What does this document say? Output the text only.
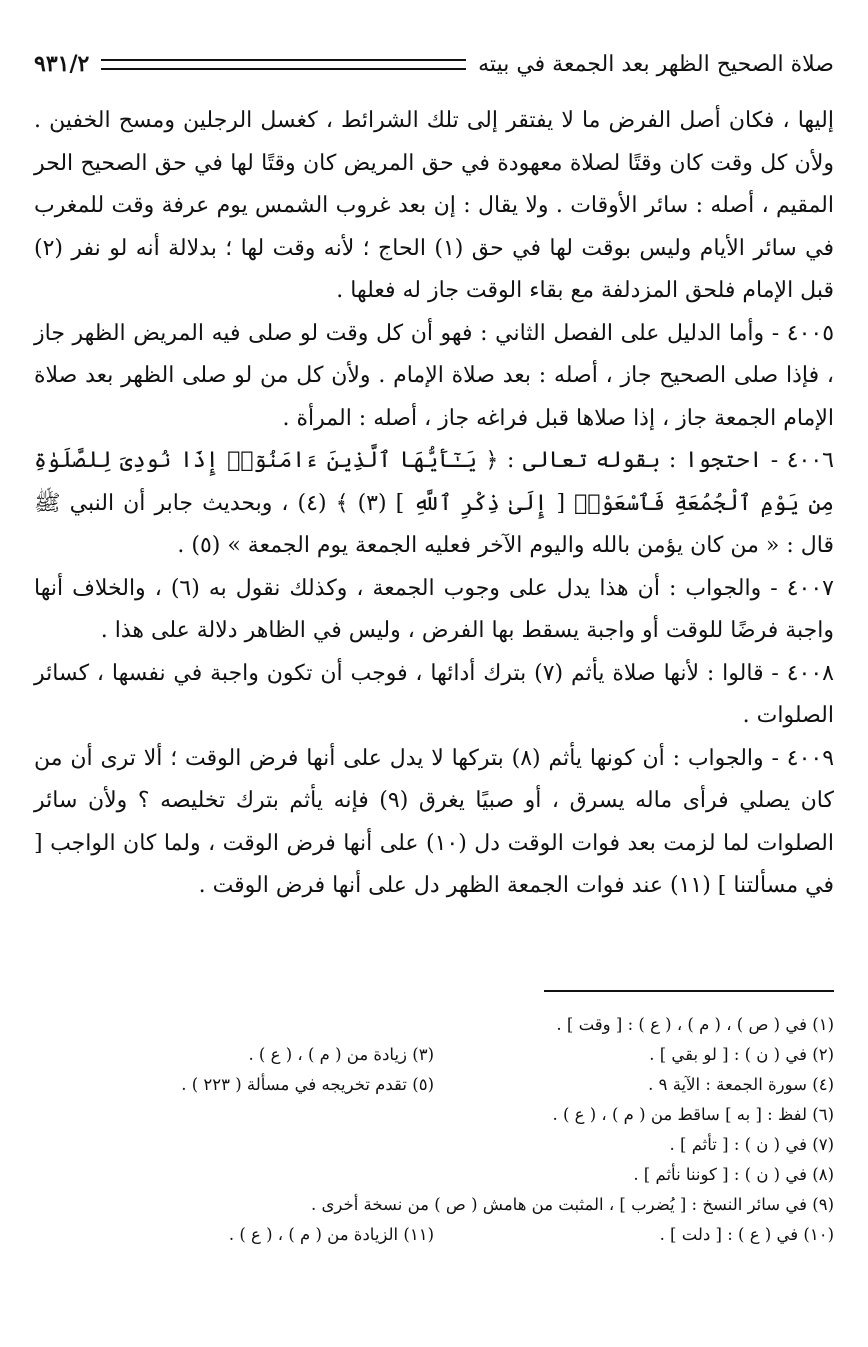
صلاة الصحيح الظهر بعد الجمعة في بيته
٩٣١/٢

إليها ، فكان أصل الفرض ما لا يفتقر إلى تلك الشرائط ، كغسل الرجلين ومسح الخفين . ولأن كل وقت كان وقتًا لصلاة معهودة في حق المريض كان وقتًا لها في حق الصحيح الحر المقيم ، أصله : سائر الأوقات . ولا يقال : إن بعد غروب الشمس يوم عرفة وقت للمغرب في سائر الأيام وليس بوقت لها في حق (١) الحاج ؛ لأنه وقت لها ؛ بدلالة أنه لو نفر (٢) قبل الإمام فلحق المزدلفة مع بقاء الوقت جاز له فعلها .

٤٠٠٥ - وأما الدليل على الفصل الثاني : فهو أن كل وقت لو صلى فيه المريض الظهر جاز ، فإذا صلى الصحيح جاز ، أصله : بعد صلاة الإمام . ولأن كل من لو صلى الظهر بعد صلاة الإمام الجمعة جاز ، إذا صلاها قبل فراغه جاز ، أصله : المرأة .

٤٠٠٦ - احتجوا : بقوله تعالى : ﴿ يَـٰٓأَيُّهَا ٱلَّذِينَ ءَامَنُوٓا۟ إِذَا نُودِىَ لِلصَّلَوٰةِ مِن يَوْمِ ٱلْجُمُعَةِ فَٱسْعَوْا۟ [ إِلَىٰ ذِكْرِ ٱللَّهِ ] (٣) ﴾ (٤) ، وبحديث جابر أن النبي ﷺ قال : « من كان يؤمن بالله واليوم الآخر فعليه الجمعة يوم الجمعة » (٥) .

٤٠٠٧ - والجواب : أن هذا يدل على وجوب الجمعة ، وكذلك نقول به (٦) ، والخلاف أنها واجبة فرضًا للوقت أو واجبة يسقط بها الفرض ، وليس في الظاهر دلالة على هذا .

٤٠٠٨ - قالوا : لأنها صلاة يأثم (٧) بترك أدائها ، فوجب أن تكون واجبة في نفسها ، كسائر الصلوات .

٤٠٠٩ - والجواب : أن كونها يأثم (٨) بتركها لا يدل على أنها فرض الوقت ؛ ألا ترى أن من كان يصلي فرأى ماله يسرق ، أو صبيًا يغرق (٩) فإنه يأثم بترك تخليصه ؟ ولأن سائر الصلوات لما لزمت بعد فوات الوقت دل (١٠) على أنها فرض الوقت ، ولما كان الواجب [ في مسألتنا ] (١١) عند فوات الجمعة الظهر دل على أنها فرض الوقت .

(١) في ( ص ) ، ( م ) ، ( ع ) : [ وقت ] .
(٢) في ( ن ) : [ لو بقي ] .
(٣) زيادة من ( م ) ، ( ع ) .
(٤) سورة الجمعة : الآية ٩ .
(٥) تقدم تخريجه في مسألة ( ٢٢٣ ) .
(٦) لفظ : [ به ] ساقط من ( م ) ، ( ع ) .
(٧) في ( ن ) : [ تأثم ] .
(٨) في ( ن ) : [ كوننا نأثم ] .
(٩) في سائر النسخ : [ يُضرب ] ، المثبت من هامش ( ص ) من نسخة أخرى .
(١٠) في ( ع ) : [ دلت ] .
(١١) الزيادة من ( م ) ، ( ع ) .
